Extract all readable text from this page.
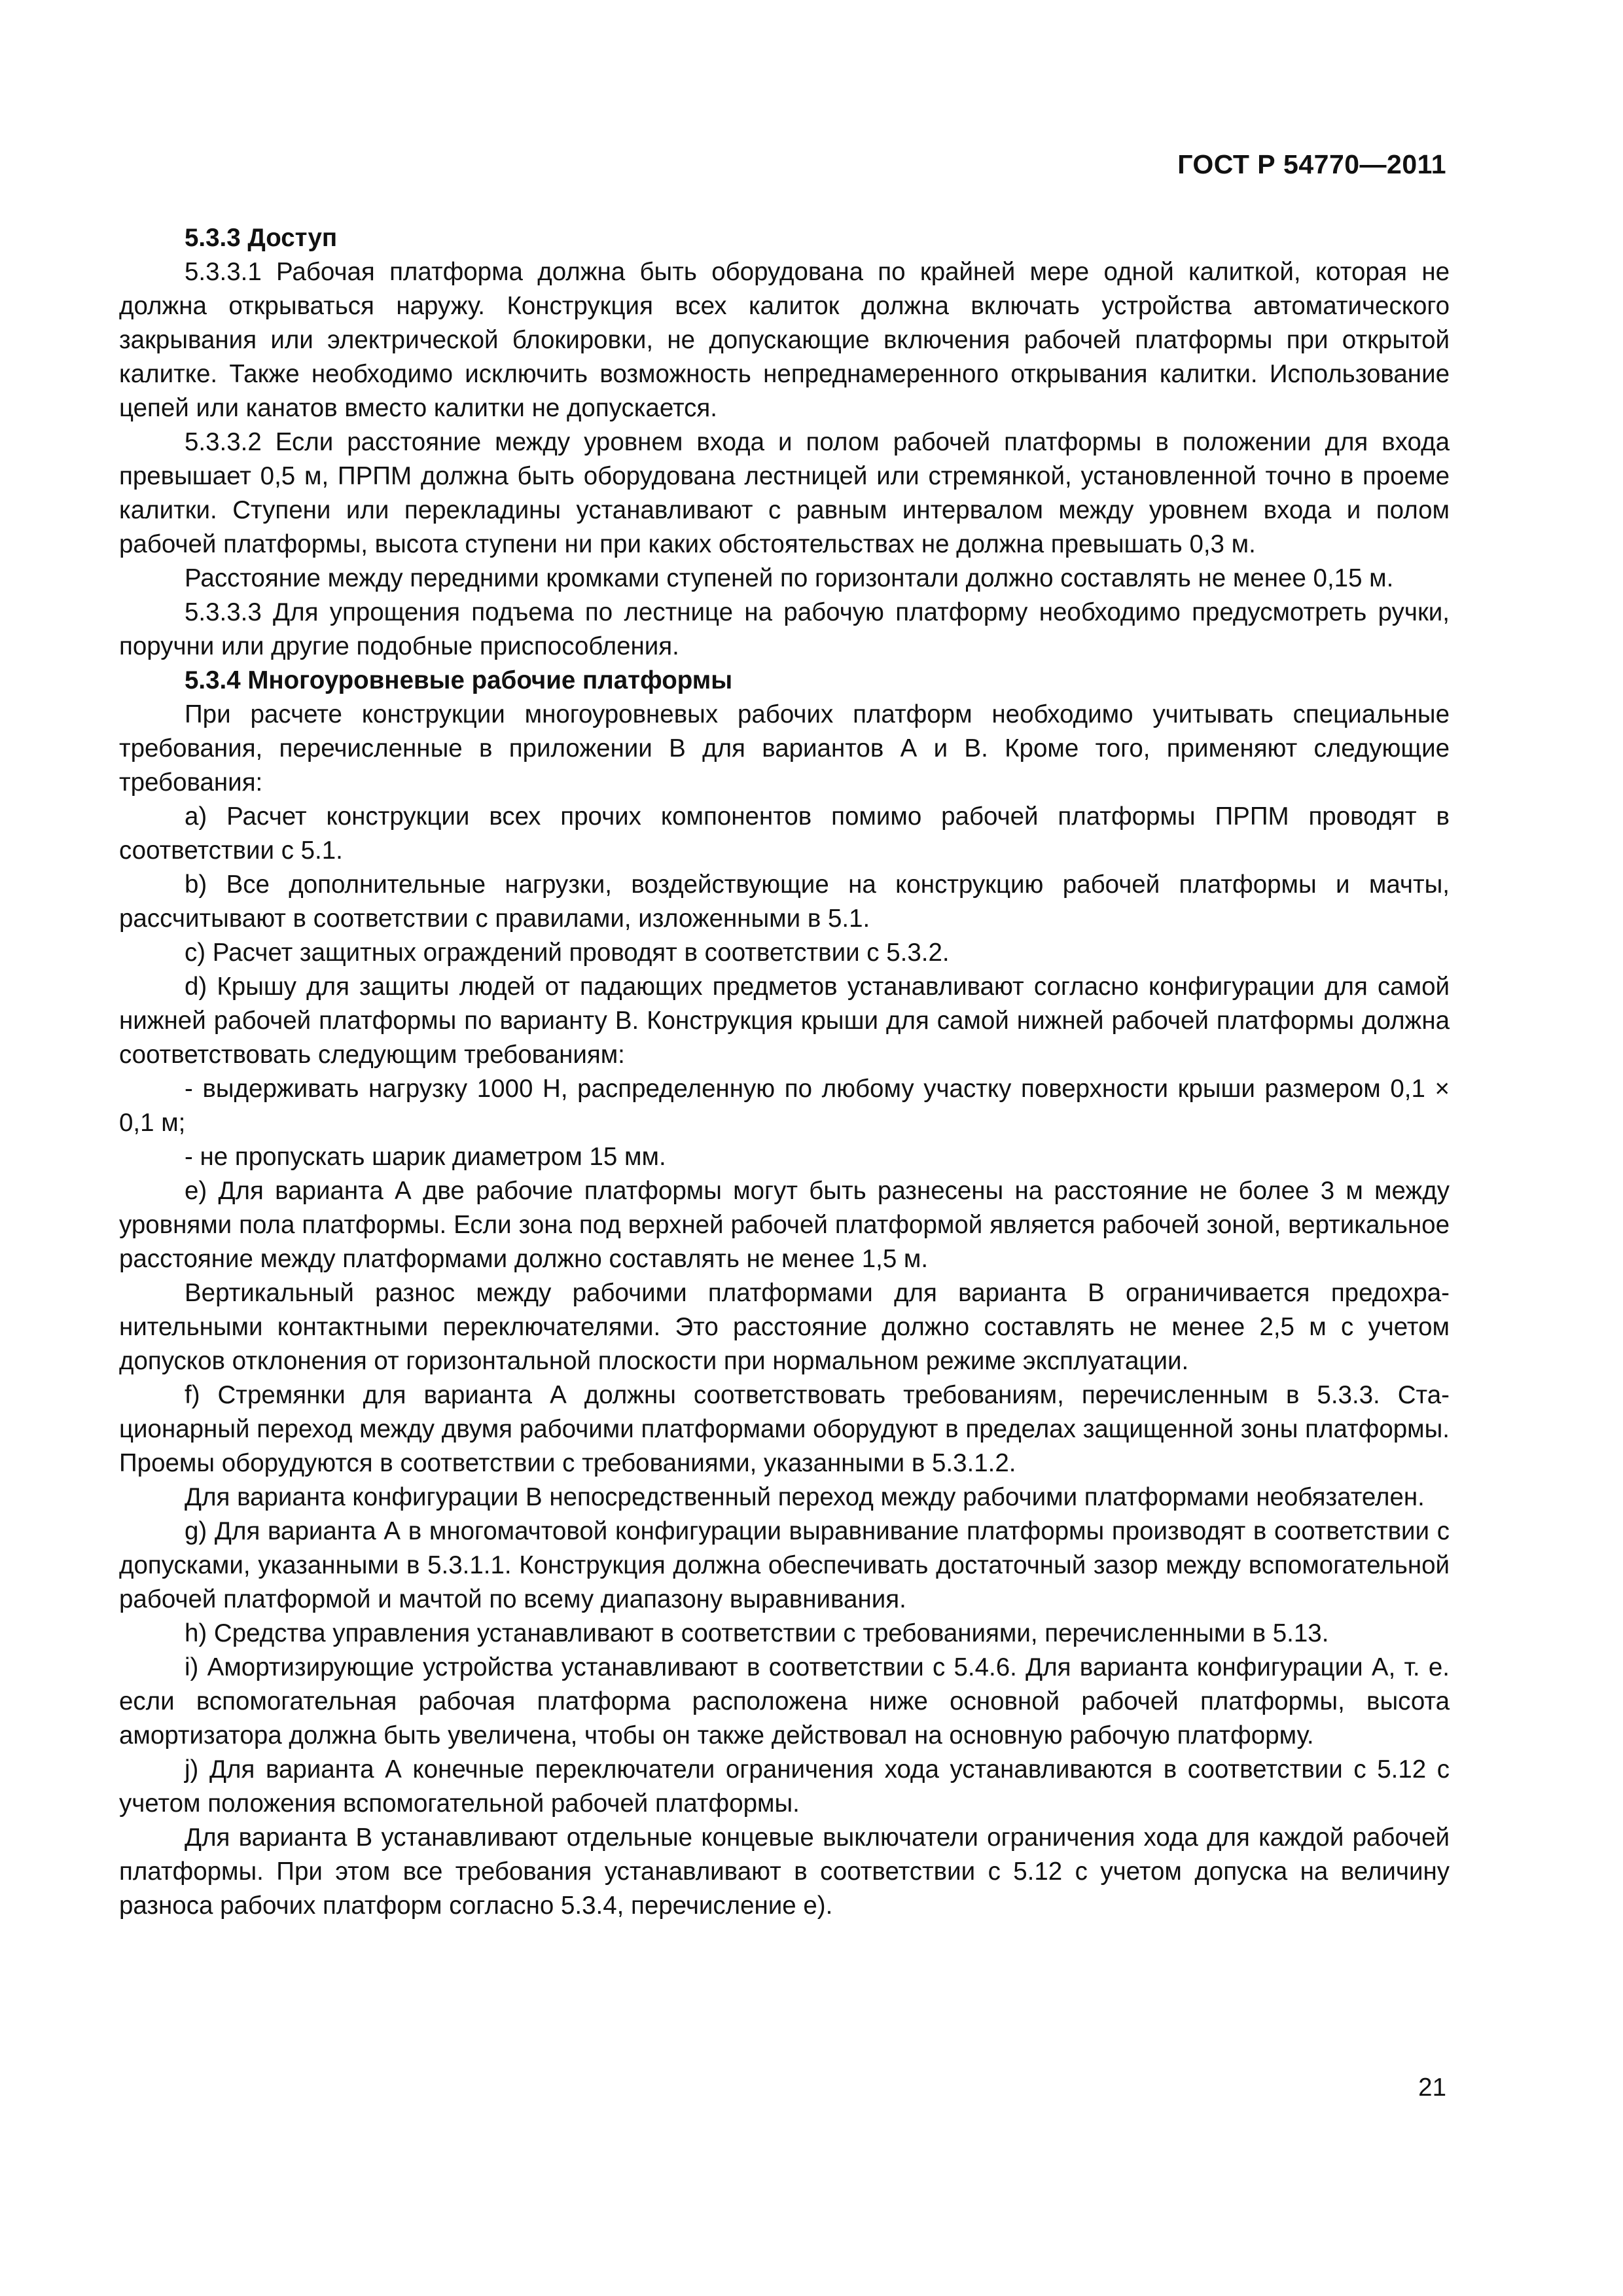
ГОСТ Р 54770—2011
5.3.3 Доступ

5.3.3.1 Рабочая платформа должна быть оборудована по крайней мере одной калиткой, которая не должна открываться наружу. Конструкция всех калиток должна включать устройства автоматического закрывания или электрической блокировки, не допускающие включения рабочей платформы при открытой калитке. Также необходимо исключить возможность непреднамеренного открывания калитки. Использование цепей или канатов вместо калитки не допускается.

5.3.3.2 Если расстояние между уровнем входа и полом рабочей платформы в положении для входа превышает 0,5 м, ПРПМ должна быть оборудована лестницей или стремянкой, установленной точно в проеме калитки. Ступени или перекладины устанавливают с равным интервалом между уровнем входа и полом рабочей платформы, высота ступени ни при каких обстоятельствах не должна превышать 0,3 м.

Расстояние между передними кромками ступеней по горизонтали должно составлять не менее 0,15 м.

5.3.3.3 Для упрощения подъема по лестнице на рабочую платформу необходимо предусмотреть ручки, поручни или другие подобные приспособления.

5.3.4 Многоуровневые рабочие платформы

При расчете конструкции многоуровневых рабочих платформ необходимо учитывать специальные требования, перечисленные в приложении В для вариантов А и В. Кроме того, применяют следующие требования:

а) Расчет конструкции всех прочих компонентов помимо рабочей платформы ПРПМ проводят в соответствии с 5.1.

b) Все дополнительные нагрузки, воздействующие на конструкцию рабочей платформы и мачты, рассчитывают в соответствии с правилами, изложенными в 5.1.

с) Расчет защитных ограждений проводят в соответствии с 5.3.2.

d) Крышу для защиты людей от падающих предметов устанавливают согласно конфигурации для самой нижней рабочей платформы по варианту В. Конструкция крыши для самой нижней рабочей платформы должна соответствовать следующим требованиям:

- выдерживать нагрузку 1000 Н, распределенную по любому участку поверхности крыши размером 0,1 × 0,1 м;

- не пропускать шарик диаметром 15 мм.

е) Для варианта А две рабочие платформы могут быть разнесены на расстояние не более 3 м между уровнями пола платформы. Если зона под верхней рабочей платформой является рабочей зоной, вертикальное расстояние между платформами должно составлять не менее 1,5 м.

Вертикальный разнос между рабочими платформами для варианта В ограничивается предохранительными контактными переключателями. Это расстояние должно составлять не менее 2,5 м с учетом допусков отклонения от горизонтальной плоскости при нормальном режиме эксплуатации.

f) Стремянки для варианта А должны соответствовать требованиям, перечисленным в 5.3.3. Стационарный переход между двумя рабочими платформами оборудуют в пределах защищенной зоны платформы. Проемы оборудуются в соответствии с требованиями, указанными в 5.3.1.2.

Для варианта конфигурации В непосредственный переход между рабочими платформами необязателен.

g) Для варианта А в многомачтовой конфигурации выравнивание платформы производят в соответствии с допусками, указанными в 5.3.1.1. Конструкция должна обеспечивать достаточный зазор между вспомогательной рабочей платформой и мачтой по всему диапазону выравнивания.

h) Средства управления устанавливают в соответствии с требованиями, перечисленными в 5.13.

i) Амортизирующие устройства устанавливают в соответствии с 5.4.6. Для варианта конфигурации А, т. е. если вспомогательная рабочая платформа расположена ниже основной рабочей платформы, высота амортизатора должна быть увеличена, чтобы он также действовал на основную рабочую платформу.

j) Для варианта А конечные переключатели ограничения хода устанавливаются в соответствии с 5.12 с учетом положения вспомогательной рабочей платформы.

Для варианта В устанавливают отдельные концевые выключатели ограничения хода для каждой рабочей платформы. При этом все требования устанавливают в соответствии с 5.12 с учетом допуска на величину разноса рабочих платформ согласно 5.3.4, перечисление е).

21
